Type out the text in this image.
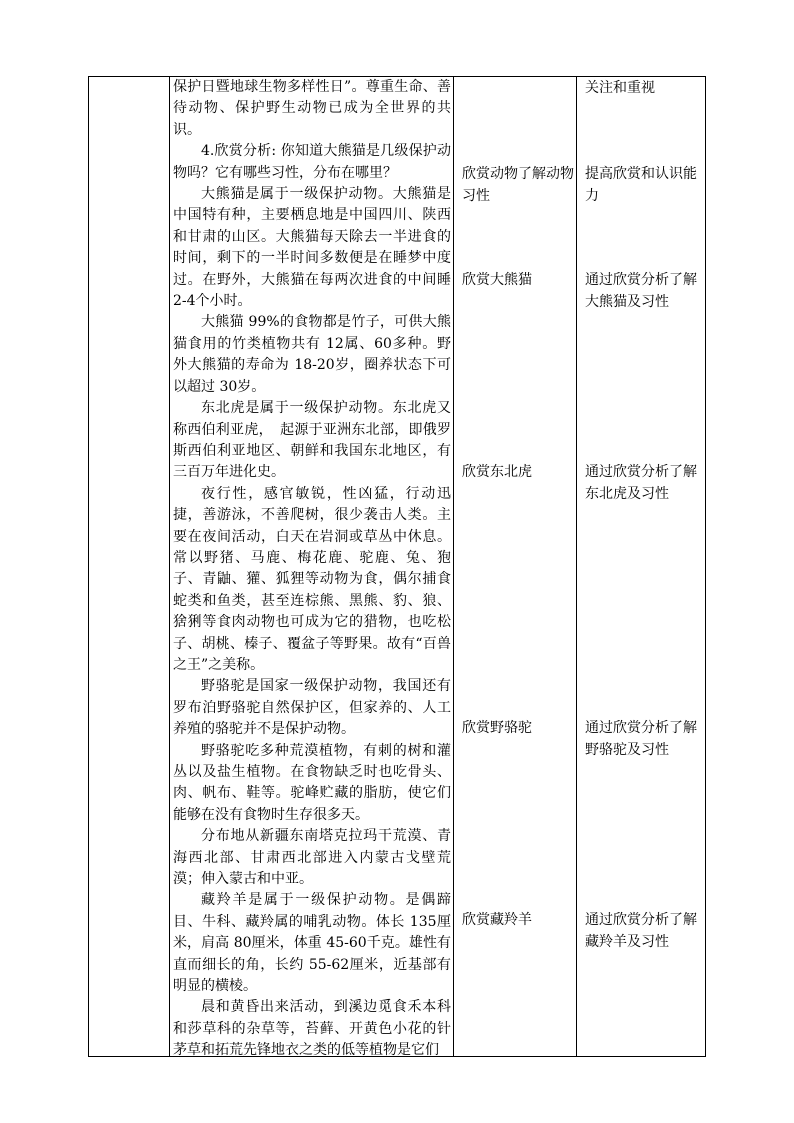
保护日暨地球生物多样性日”。尊重生命、善待动物、保护野生动物已成为全世界的共识。

4.欣赏分析: 你知道大熊猫是几级保护动物吗？它有哪些习性，分布在哪里？

大熊猫是属于一级保护动物。大熊猫是中国特有种，主要栖息地是中国四川、陕西和甘肃的山区。大熊猫每天除去一半进食的时间，剩下的一半时间多数便是在睡梦中度过。在野外，大熊猫在每两次进食的中间睡2-4个小时。

大熊猫 99%的食物都是竹子，可供大熊猫食用的竹类植物共有 12属、60多种。野外大熊猫的寿命为 18-20岁，圈养状态下可以超过 30岁。

东北虎是属于一级保护动物。东北虎又称西伯利亚虎，　起源于亚洲东北部，即俄罗斯西伯利亚地区、朝鲜和我国东北地区，有三百万年进化史。

夜行性，感官敏锐，性凶猛，行动迅捷，善游泳，不善爬树，很少袭击人类。主要在夜间活动，白天在岩洞或草丛中休息。常以野猪、马鹿、梅花鹿、驼鹿、兔、狍子、青鼬、獾、狐狸等动物为食，偶尔捕食蛇类和鱼类，甚至连棕熊、黑熊、豹、狼、猞猁等食肉动物也可成为它的猎物，也吃松子、胡桃、榛子、覆盆子等野果。故有“百兽之王”之美称。

野骆驼是国家一级保护动物，我国还有罗布泊野骆驼自然保护区，但家养的、人工养殖的骆驼并不是保护动物。

野骆驼吃多种荒漠植物，有刺的树和灌丛以及盐生植物。在食物缺乏时也吃骨头、肉、帆布、鞋等。驼峰贮藏的脂肪，使它们能够在没有食物时生存很多天。

分布地从新疆东南塔克拉玛干荒漠、青海西北部、甘肃西北部进入内蒙古戈壁荒漠；伸入蒙古和中亚。

藏羚羊是属于一级保护动物。是偶蹄目、牛科、藏羚属的哺乳动物。体长 135厘米，肩高 80厘米，体重 45-60千克。雄性有直而细长的角，长约 55-62厘米，近基部有明显的横棱。

晨和黄昏出来活动，到溪边觅食禾本科和莎草科的杂草等，苔藓、开黄色小花的针茅草和拓荒先锋地衣之类的低等植物是它们

欣赏动物了解动物习性
欣赏大熊猫
欣赏东北虎
欣赏野骆驼
欣赏藏羚羊
关注和重视
提高欣赏和认识能力
通过欣赏分析了解大熊猫及习性
通过欣赏分析了解东北虎及习性
通过欣赏分析了解野骆驼及习性
通过欣赏分析了解藏羚羊及习性
